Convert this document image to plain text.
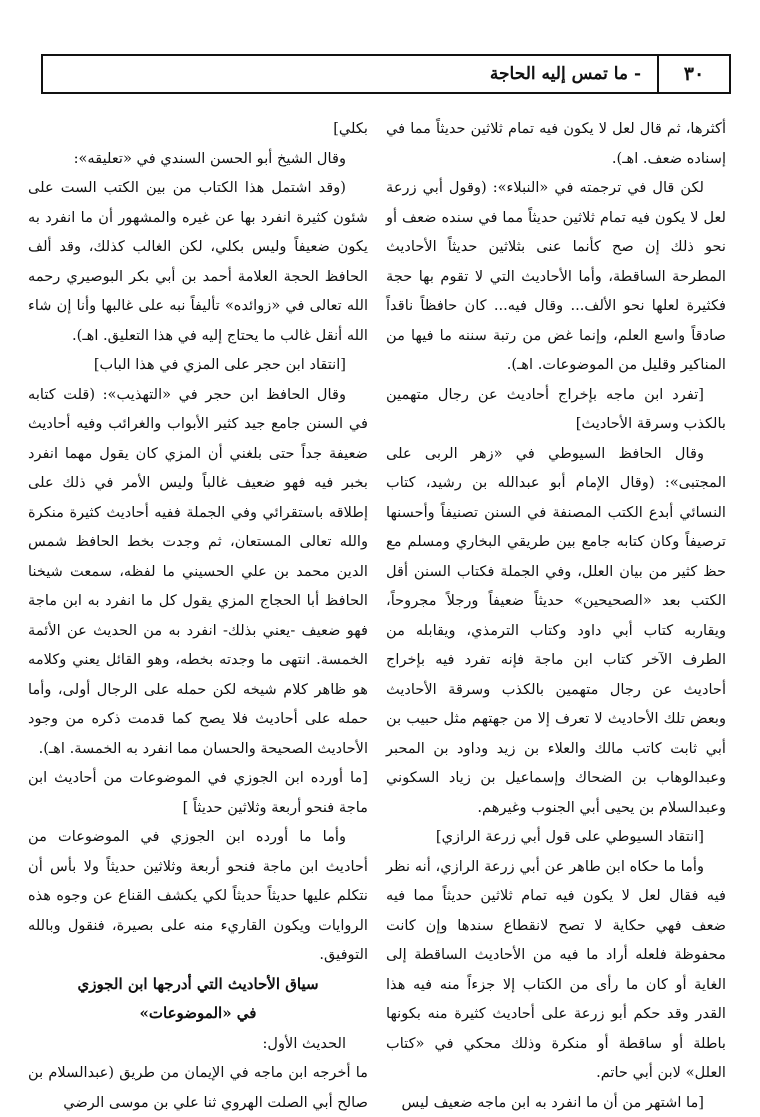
٣٠
- ما تمس إليه الحاجة

أكثرها، ثم قال لعل لا يكون فيه تمام ثلاثين حديثاً مما في إسناده ضعف. اهـ).

لكن قال في ترجمته في «النبلاء»: (وقول أبي زرعة لعل لا يكون فيه تمام ثلاثين حديثاً مما في سنده ضعف أو نحو ذلك إن صح كأنما عنى بثلاثين حديثاً الأحاديث المطرحة الساقطة، وأما الأحاديث التي لا تقوم بها حجة فكثيرة لعلها نحو الألف... وقال فيه... كان حافظاً ناقداً صادقاً واسع العلم، وإنما غض من رتبة سننه ما فيها من المناكير وقليل من الموضوعات. اهـ).

[تفرد ابن ماجه بإخراج أحاديث عن رجال متهمين بالكذب وسرقة الأحاديث]

وقال الحافظ السيوطي في «زهر الربى على المجتبى»: (وقال الإمام أبو عبدالله بن رشيد، كتاب النسائي أبدع الكتب المصنفة في السنن تصنيفاً وأحسنها ترصيفاً وكان كتابه جامع بين طريقي البخاري ومسلم مع حظ كثير من بيان العلل، وفي الجملة فكتاب السنن أقل الكتب بعد «الصحيحين» حديثاً ضعيفاً ورجلاً مجروحاً، ويقاربه كتاب أبي داود وكتاب الترمذي، ويقابله من الطرف الآخر كتاب ابن ماجة فإنه تفرد فيه بإخراج أحاديث عن رجال متهمين بالكذب وسرقة الأحاديث وبعض تلك الأحاديث لا تعرف إلا من جهتهم مثل حبيب بن أبي ثابت كاتب مالك والعلاء بن زيد وداود بن المحبر وعبدالوهاب بن الضحاك وإسماعيل بن زياد السكوني وعبدالسلام بن يحيى أبي الجنوب وغيرهم.

[انتقاد السيوطي على قول أبي زرعة الرازي]

وأما ما حكاه ابن طاهر عن أبي زرعة الرازي، أنه نظر فيه فقال لعل لا يكون فيه تمام ثلاثين حديثاً مما فيه ضعف فهي حكاية لا تصح لانقطاع سندها وإن كانت محفوظة فلعله أراد ما فيه من الأحاديث الساقطة إلى الغاية أو كان ما رأى من الكتاب إلا جزءاً منه فيه هذا القدر وقد حكم أبو زرعة على أحاديث كثيرة منه بكونها باطلة أو ساقطة أو منكرة وذلك محكي في «كتاب العلل» لابن أبي حاتم.

[ما اشتهر من أن ما انفرد به ابن ماجه ضعيف ليس

بكلي]

وقال الشيخ أبو الحسن السندي في «تعليقه»:

(وقد اشتمل هذا الكتاب من بين الكتب الست على شئون كثيرة انفرد بها عن غيره والمشهور أن ما انفرد به يكون ضعيفاً وليس بكلي، لكن الغالب كذلك، وقد ألف الحافظ الحجة العلامة أحمد بن أبي بكر البوصيري رحمه الله تعالى في «زوائده» تأليفاً نبه على غالبها وأنا إن شاء الله أنقل غالب ما يحتاج إليه في هذا التعليق. اهـ).

[انتقاد ابن حجر على المزي في هذا الباب]

وقال الحافظ ابن حجر في «التهذيب»: (قلت كتابه في السنن جامع جيد كثير الأبواب والغرائب وفيه أحاديث ضعيفة جداً حتى بلغني أن المزي كان يقول مهما انفرد بخبر فيه فهو ضعيف غالباً وليس الأمر في ذلك على إطلاقه باستقرائي وفي الجملة ففيه أحاديث كثيرة منكرة والله تعالى المستعان، ثم وجدت بخط الحافظ شمس الدين محمد بن علي الحسيني ما لفظه، سمعت شيخنا الحافظ أبا الحجاج المزي يقول كل ما انفرد به ابن ماجة فهو ضعيف -يعني بذلك- انفرد به من الحديث عن الأئمة الخمسة. انتهى ما وجدته بخطه، وهو القائل يعني وكلامه هو ظاهر كلام شيخه لكن حمله على الرجال أولى، وأما حمله على أحاديث فلا يصح كما قدمت ذكره من وجود الأحاديث الصحيحة والحسان مما انفرد به الخمسة. اهـ).

[ما أورده ابن الجوزي في الموضوعات من أحاديث ابن ماجة فنحو أربعة وثلاثين حديثاً ]

وأما ما أورده ابن الجوزي في الموضوعات من أحاديث ابن ماجة فنحو أربعة وثلاثين حديثاً ولا بأس أن نتكلم عليها حديثاً حديثاً لكي يكشف القناع عن وجوه هذه الروايات ويكون القاريء منه على بصيرة، فنقول وبالله التوفيق.

سياق الأحاديث التي أدرجها ابن الجوزي

في «الموضوعات»

الحديث الأول:

ما أخرجه ابن ماجه في الإيمان من طريق (عبدالسلام بن صالح أبي الصلت الهروي ثنا علي بن موسى الرضي
